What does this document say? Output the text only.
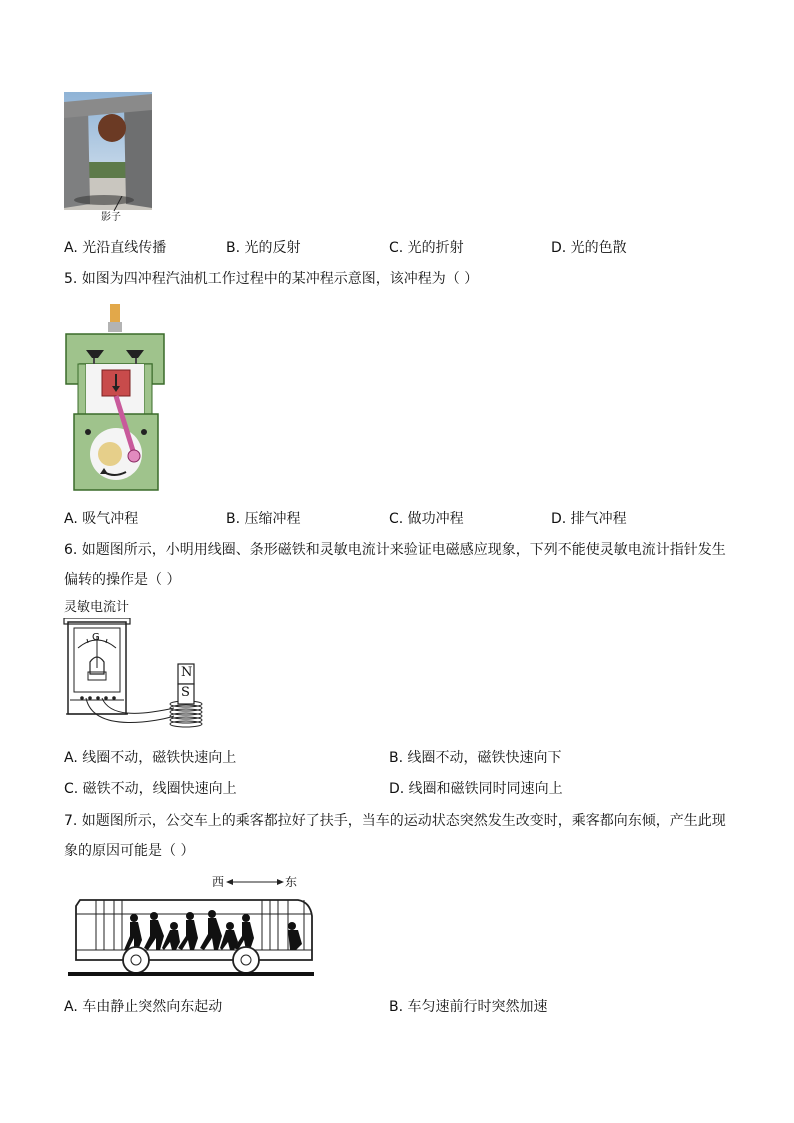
影子
A. 光沿直线传播	B. 光的反射	C. 光的折射	D. 光的色散
5. 如图为四冲程汽油机工作过程中的某冲程示意图，该冲程为（ ）
A. 吸气冲程	B. 压缩冲程	C. 做功冲程	D. 排气冲程
6. 如题图所示，小明用线圈、条形磁铁和灵敏电流计来验证电磁感应现象，下列不能使灵敏电流计指针发生
偏转的操作是（ ）
灵敏电流计
G
N
S
A. 线圈不动，磁铁快速向上	B. 线圈不动，磁铁快速向下
C. 磁铁不动，线圈快速向上	D. 线圈和磁铁同时同速向上
7. 如题图所示，公交车上的乘客都拉好了扶手，当车的运动状态突然发生改变时，乘客都向东倾，产生此现
象的原因可能是（ ）
西	东
A. 车由静止突然向东起动	B. 车匀速前行时突然加速
